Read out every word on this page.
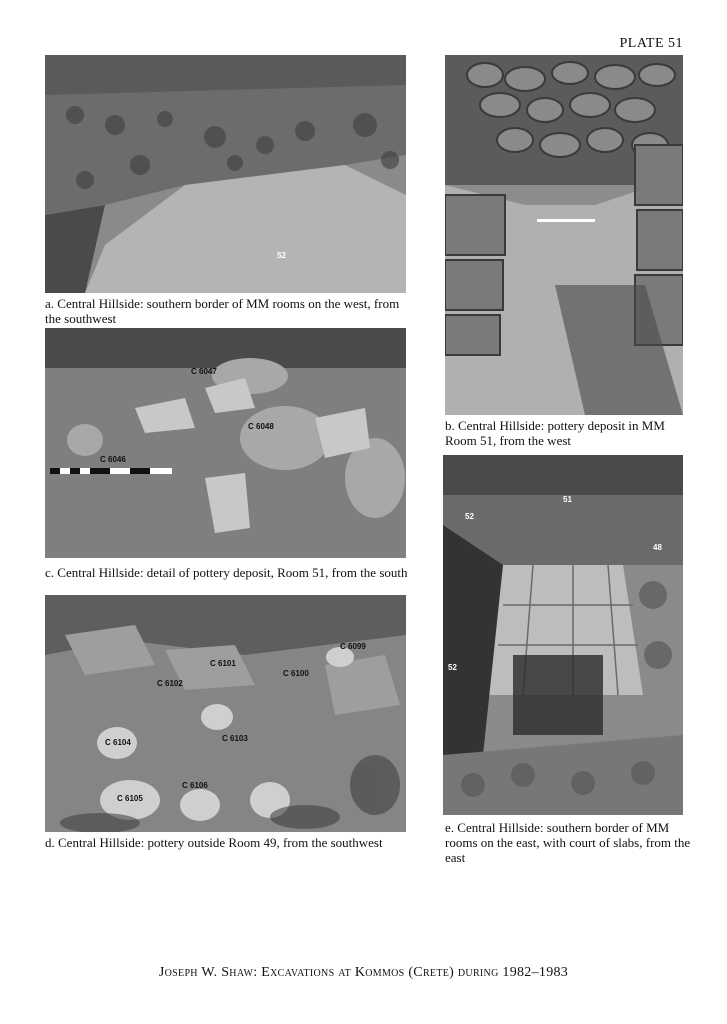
PLATE 51
52
a. Central Hillside: southern border of MM rooms on the west, from the southwest
C 6047
C 6048
C 6046
c. Central Hillside: detail of pottery deposit, Room 51, from the south
C 6101
C 6099
C 6102
C 6100
C 6104	C 6103
C 6106
C 6105
d. Central Hillside: pottery outside Room 49, from the southwest
b. Central Hillside: pottery deposit in MM Room 51, from the west
51
52
48
52
e. Central Hillside: southern border of MM rooms on the east, with court of slabs, from the east
Joseph W. Shaw: Excavations at Kommos (Crete) during 1982–1983
